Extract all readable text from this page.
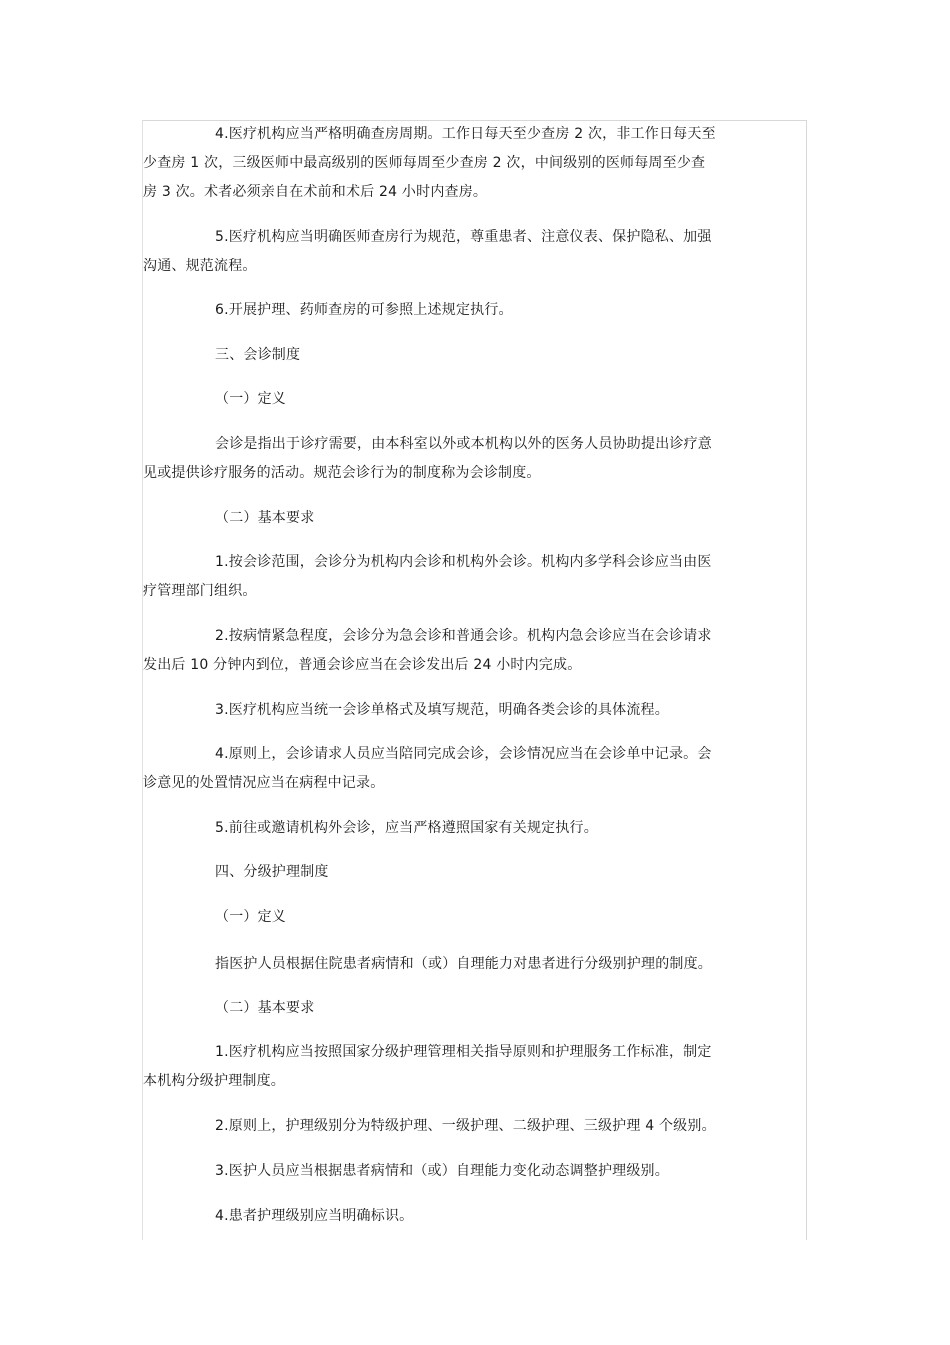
4.医疗机构应当严格明确查房周期。工作日每天至少查房 2 次，非工作日每天至
少查房 1 次，三级医师中最高级别的医师每周至少查房 2 次，中间级别的医师每周至少查
房 3 次。术者必须亲自在术前和术后 24 小时内查房。
5.医疗机构应当明确医师查房行为规范，尊重患者、注意仪表、保护隐私、加强
沟通、规范流程。
6.开展护理、药师查房的可参照上述规定执行。
三、会诊制度
（一）定义
会诊是指出于诊疗需要，由本科室以外或本机构以外的医务人员协助提出诊疗意
见或提供诊疗服务的活动。规范会诊行为的制度称为会诊制度。
（二）基本要求
1.按会诊范围，会诊分为机构内会诊和机构外会诊。机构内多学科会诊应当由医
疗管理部门组织。
2.按病情紧急程度，会诊分为急会诊和普通会诊。机构内急会诊应当在会诊请求
发出后 10 分钟内到位，普通会诊应当在会诊发出后 24 小时内完成。
3.医疗机构应当统一会诊单格式及填写规范，明确各类会诊的具体流程。
4.原则上，会诊请求人员应当陪同完成会诊，会诊情况应当在会诊单中记录。会
诊意见的处置情况应当在病程中记录。
5.前往或邀请机构外会诊，应当严格遵照国家有关规定执行。
四、分级护理制度
（一）定义
指医护人员根据住院患者病情和（或）自理能力对患者进行分级别护理的制度。
（二）基本要求
1.医疗机构应当按照国家分级护理管理相关指导原则和护理服务工作标准，制定
本机构分级护理制度。
2.原则上，护理级别分为特级护理、一级护理、二级护理、三级护理 4 个级别。
3.医护人员应当根据患者病情和（或）自理能力变化动态调整护理级别。
4.患者护理级别应当明确标识。
